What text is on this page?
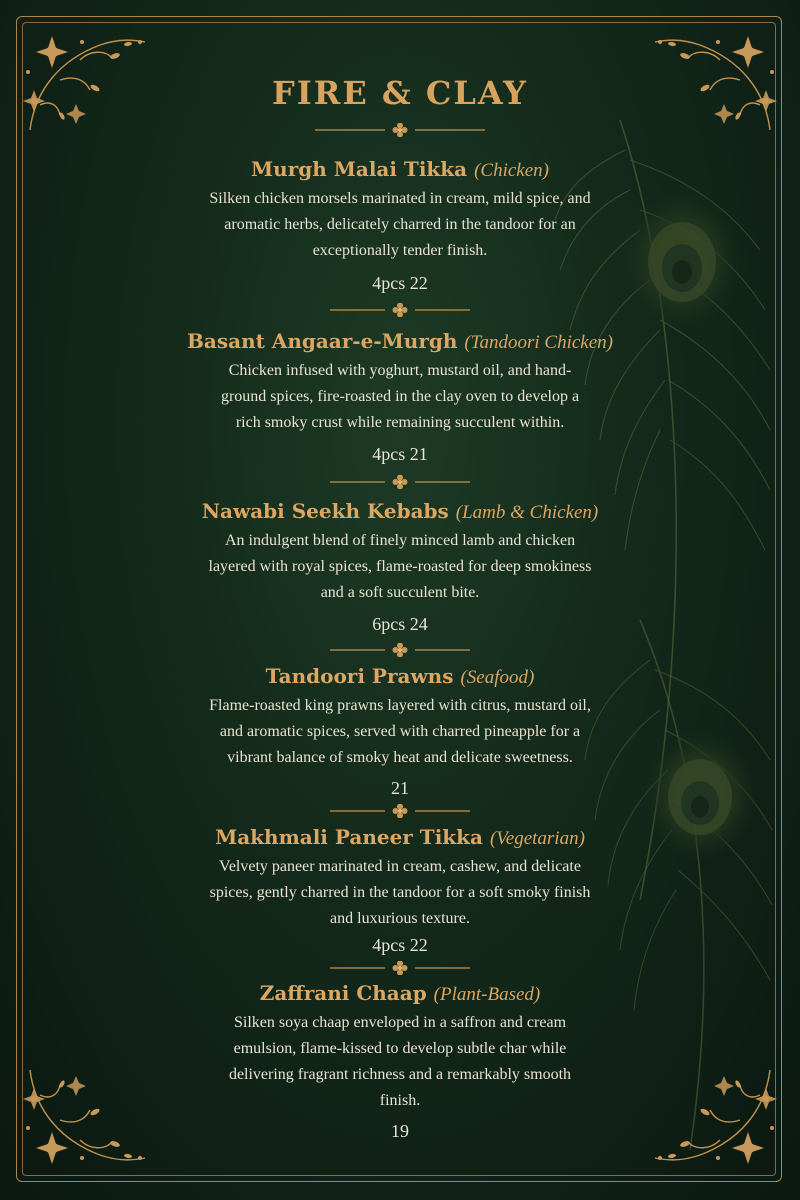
FIRE & CLAY
Murgh Malai Tikka (Chicken)
Silken chicken morsels marinated in cream, mild spice, and
aromatic herbs, delicately charred in the tandoor for an
exceptionally tender finish.
4pcs 22
Basant Angaar-e-Murgh (Tandoori Chicken)
Chicken infused with yoghurt, mustard oil, and hand-
ground spices, fire-roasted in the clay oven to develop a
rich smoky crust while remaining succulent within.
4pcs 21
Nawabi Seekh Kebabs (Lamb & Chicken)
An indulgent blend of finely minced lamb and chicken
layered with royal spices, flame-roasted for deep smokiness
and a soft succulent bite.
6pcs 24
Tandoori Prawns (Seafood)
Flame-roasted king prawns layered with citrus, mustard oil,
and aromatic spices, served with charred pineapple for a
vibrant balance of smoky heat and delicate sweetness.
21
Makhmali Paneer Tikka (Vegetarian)
Velvety paneer marinated in cream, cashew, and delicate
spices, gently charred in the tandoor for a soft smoky finish
and luxurious texture.
4pcs 22
Zaffrani Chaap (Plant-Based)
Silken soya chaap enveloped in a saffron and cream
emulsion, flame-kissed to develop subtle char while
delivering fragrant richness and a remarkably smooth
finish.
19
